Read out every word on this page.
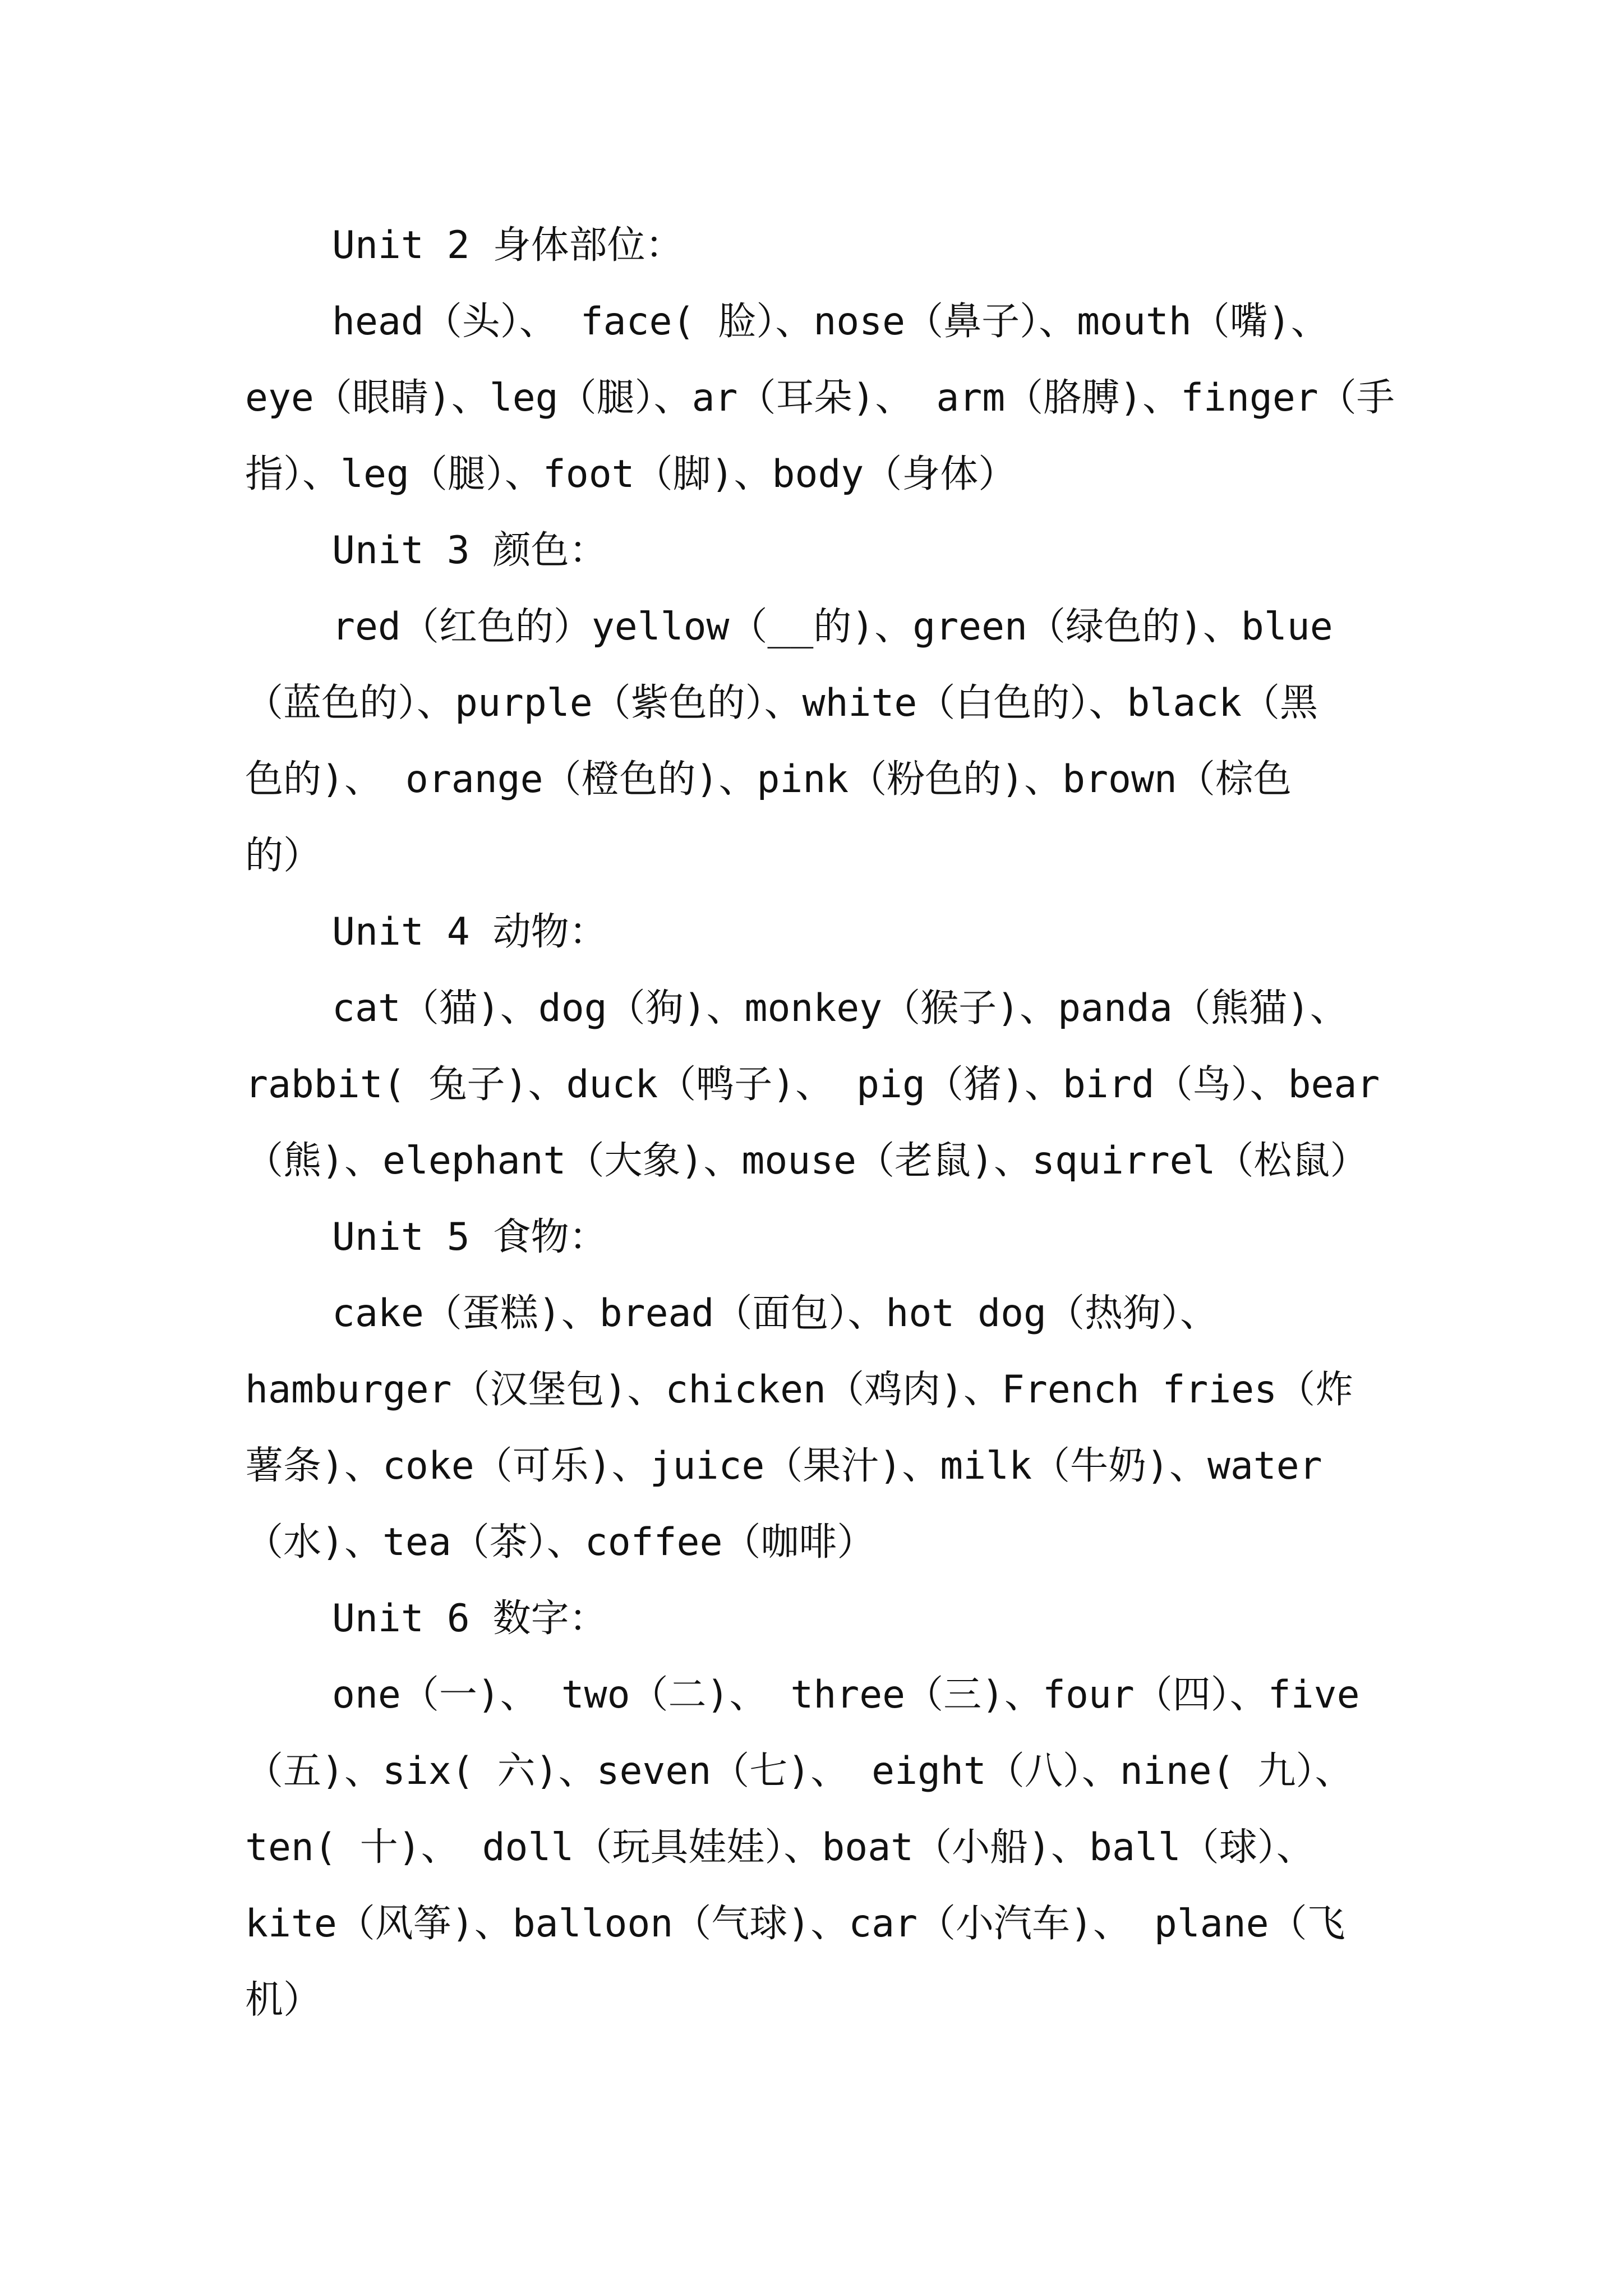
Unit 2 身体部位：

head（头）、 face( 脸）、nose（鼻子）、mouth（嘴)、
eye（眼睛)、leg（腿）、ar（耳朵)、 arm（胳膊)、finger（手
指）、leg（腿）、foot（脚)、body（身体）

Unit 3 颜色：

red（红色的）yellow（__的)、green（绿色的)、blue
（蓝色的）、purple（紫色的）、white（白色的）、black（黑
色的)、 orange（橙色的)、pink（粉色的)、brown（棕色
的）

Unit 4 动物：

cat（猫)、dog（狗)、monkey（猴子)、panda（熊猫)、
rabbit( 兔子)、duck（鸭子)、 pig（猪)、bird（鸟）、bear
（熊)、elephant（大象)、mouse（老鼠)、squirrel（松鼠）

Unit 5 食物：

cake（蛋糕)、bread（面包）、hot dog（热狗）、
hamburger（汉堡包)、chicken（鸡肉)、French fries（炸
薯条)、coke（可乐)、juice（果汁)、milk（牛奶)、water
（水)、tea（茶）、coffee（咖啡）

Unit 6 数字：

one（一)、 two（二)、 three（三)、four（四）、five
（五)、six( 六)、seven（七)、 eight（八）、nine( 九）、
ten( 十)、 doll（玩具娃娃）、boat（小船)、ball（球）、
kite（风筝)、balloon（气球)、car（小汽车)、 plane（飞
机）
